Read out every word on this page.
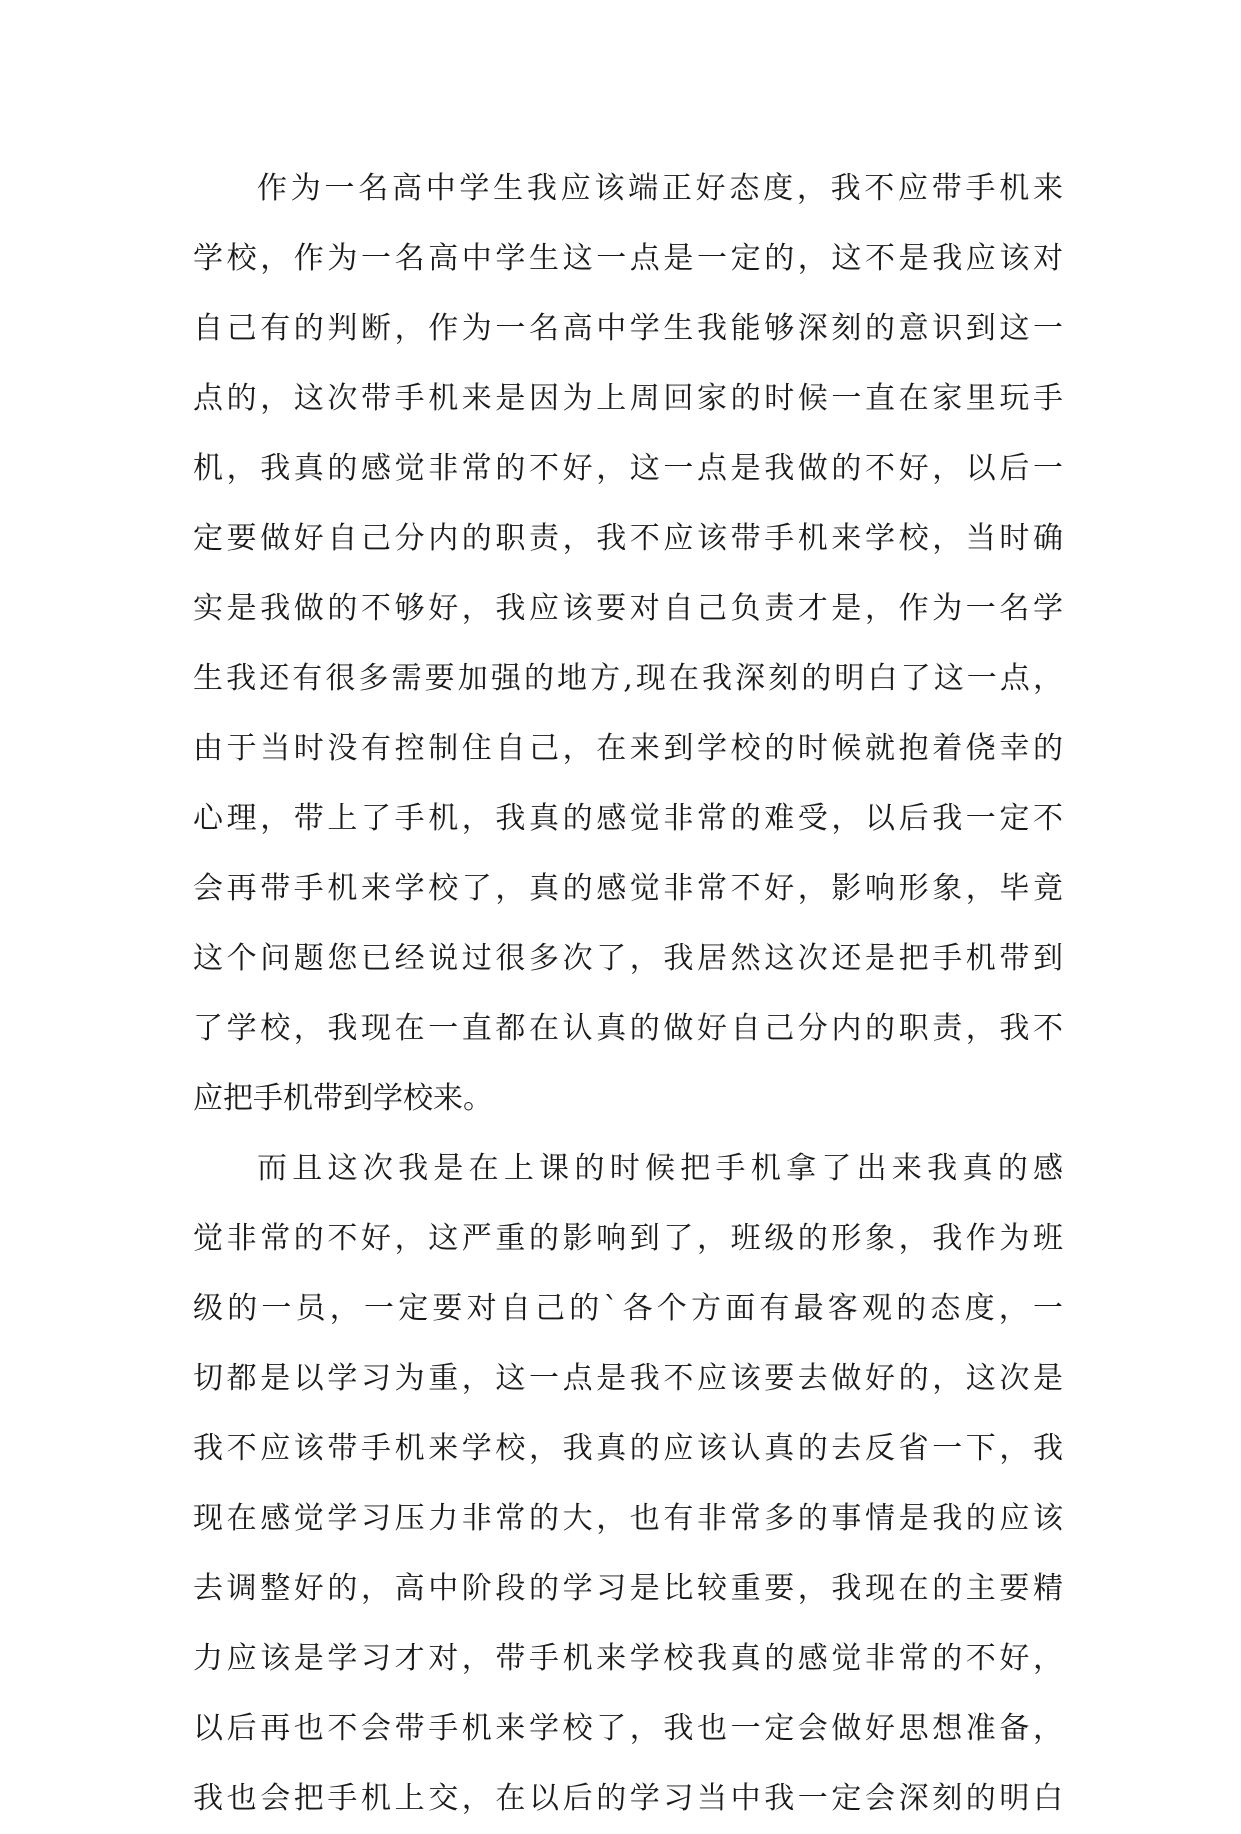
作为一名高中学生我应该端正好态度，我不应带手机来
学校，作为一名高中学生这一点是一定的，这不是我应该对
自己有的判断，作为一名高中学生我能够深刻的意识到这一
点的，这次带手机来是因为上周回家的时候一直在家里玩手
机，我真的感觉非常的不好，这一点是我做的不好，以后一
定要做好自己分内的职责，我不应该带手机来学校，当时确
实是我做的不够好，我应该要对自己负责才是，作为一名学
生我还有很多需要加强的地方,现在我深刻的明白了这一点，
由于当时没有控制住自己，在来到学校的时候就抱着侥幸的
心理，带上了手机，我真的感觉非常的难受，以后我一定不
会再带手机来学校了，真的感觉非常不好，影响形象，毕竟
这个问题您已经说过很多次了，我居然这次还是把手机带到
了学校，我现在一直都在认真的做好自己分内的职责，我不
应把手机带到学校来。
而且这次我是在上课的时候把手机拿了出来我真的感
觉非常的不好，这严重的影响到了，班级的形象，我作为班
级的一员，一定要对自己的`各个方面有最客观的态度，一
切都是以学习为重，这一点是我不应该要去做好的，这次是
我不应该带手机来学校，我真的应该认真的去反省一下，我
现在感觉学习压力非常的大，也有非常多的事情是我的应该
去调整好的，高中阶段的学习是比较重要，我现在的主要精
力应该是学习才对，带手机来学校我真的感觉非常的不好，
以后再也不会带手机来学校了，我也一定会做好思想准备，
我也会把手机上交，在以后的学习当中我一定会深刻的明白
